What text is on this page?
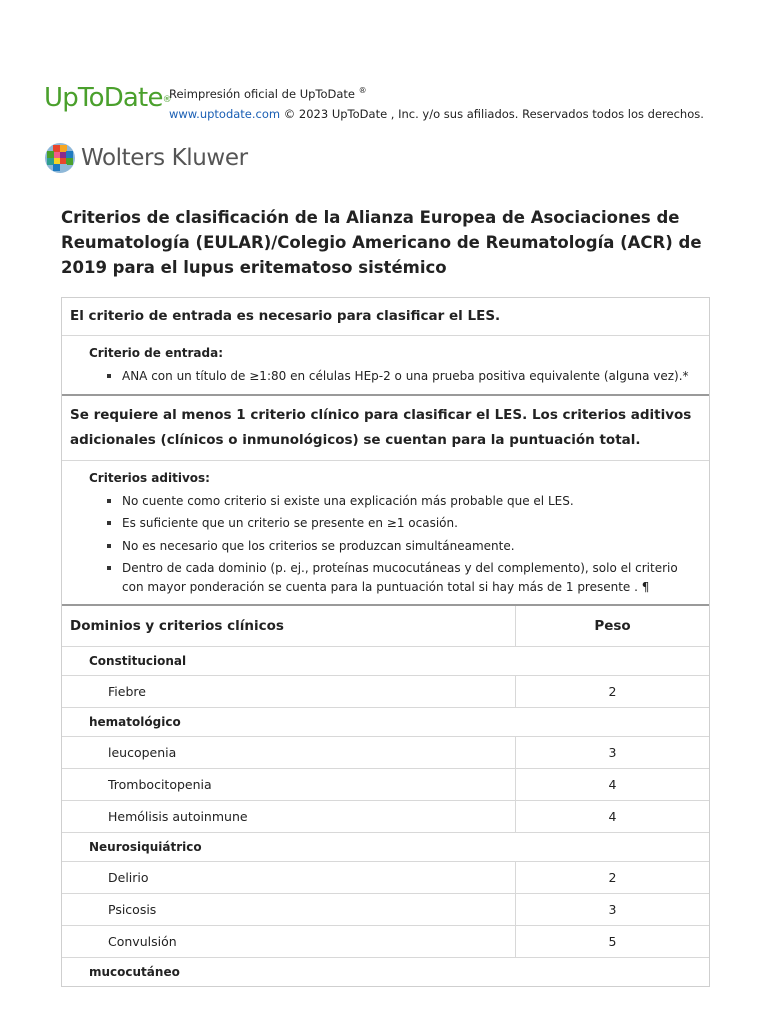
UpToDate®
Reimpresión oficial de UpToDate ®
www.uptodate.com © 2023 UpToDate , Inc. y/o sus afiliados. Reservados todos los derechos.
Wolters Kluwer
Criterios de clasificación de la Alianza Europea de Asociaciones de Reumatología (EULAR)/Colegio Americano de Reumatología (ACR) de 2019 para el lupus eritematoso sistémico
El criterio de entrada es necesario para clasificar el LES.
Criterio de entrada:
ANA con un título de ≥1:80 en células HEp-2 o una prueba positiva equivalente (alguna vez).*
Se requiere al menos 1 criterio clínico para clasificar el LES. Los criterios aditivos adicionales (clínicos o inmunológicos) se cuentan para la puntuación total.
Criterios aditivos:
No cuente como criterio si existe una explicación más probable que el LES.
Es suficiente que un criterio se presente en ≥1 ocasión.
No es necesario que los criterios se produzcan simultáneamente.
Dentro de cada dominio (p. ej., proteínas mucocutáneas y del complemento), solo el criterio con mayor ponderación se cuenta para la puntuación total si hay más de 1 presente . ¶
Dominios y criterios clínicos	Peso
Constitucional
Fiebre	2
hematológico
leucopenia	3
Trombocitopenia	4
Hemólisis autoinmune	4
Neurosiquiátrico
Delirio	2
Psicosis	3
Convulsión	5
mucocutáneo
